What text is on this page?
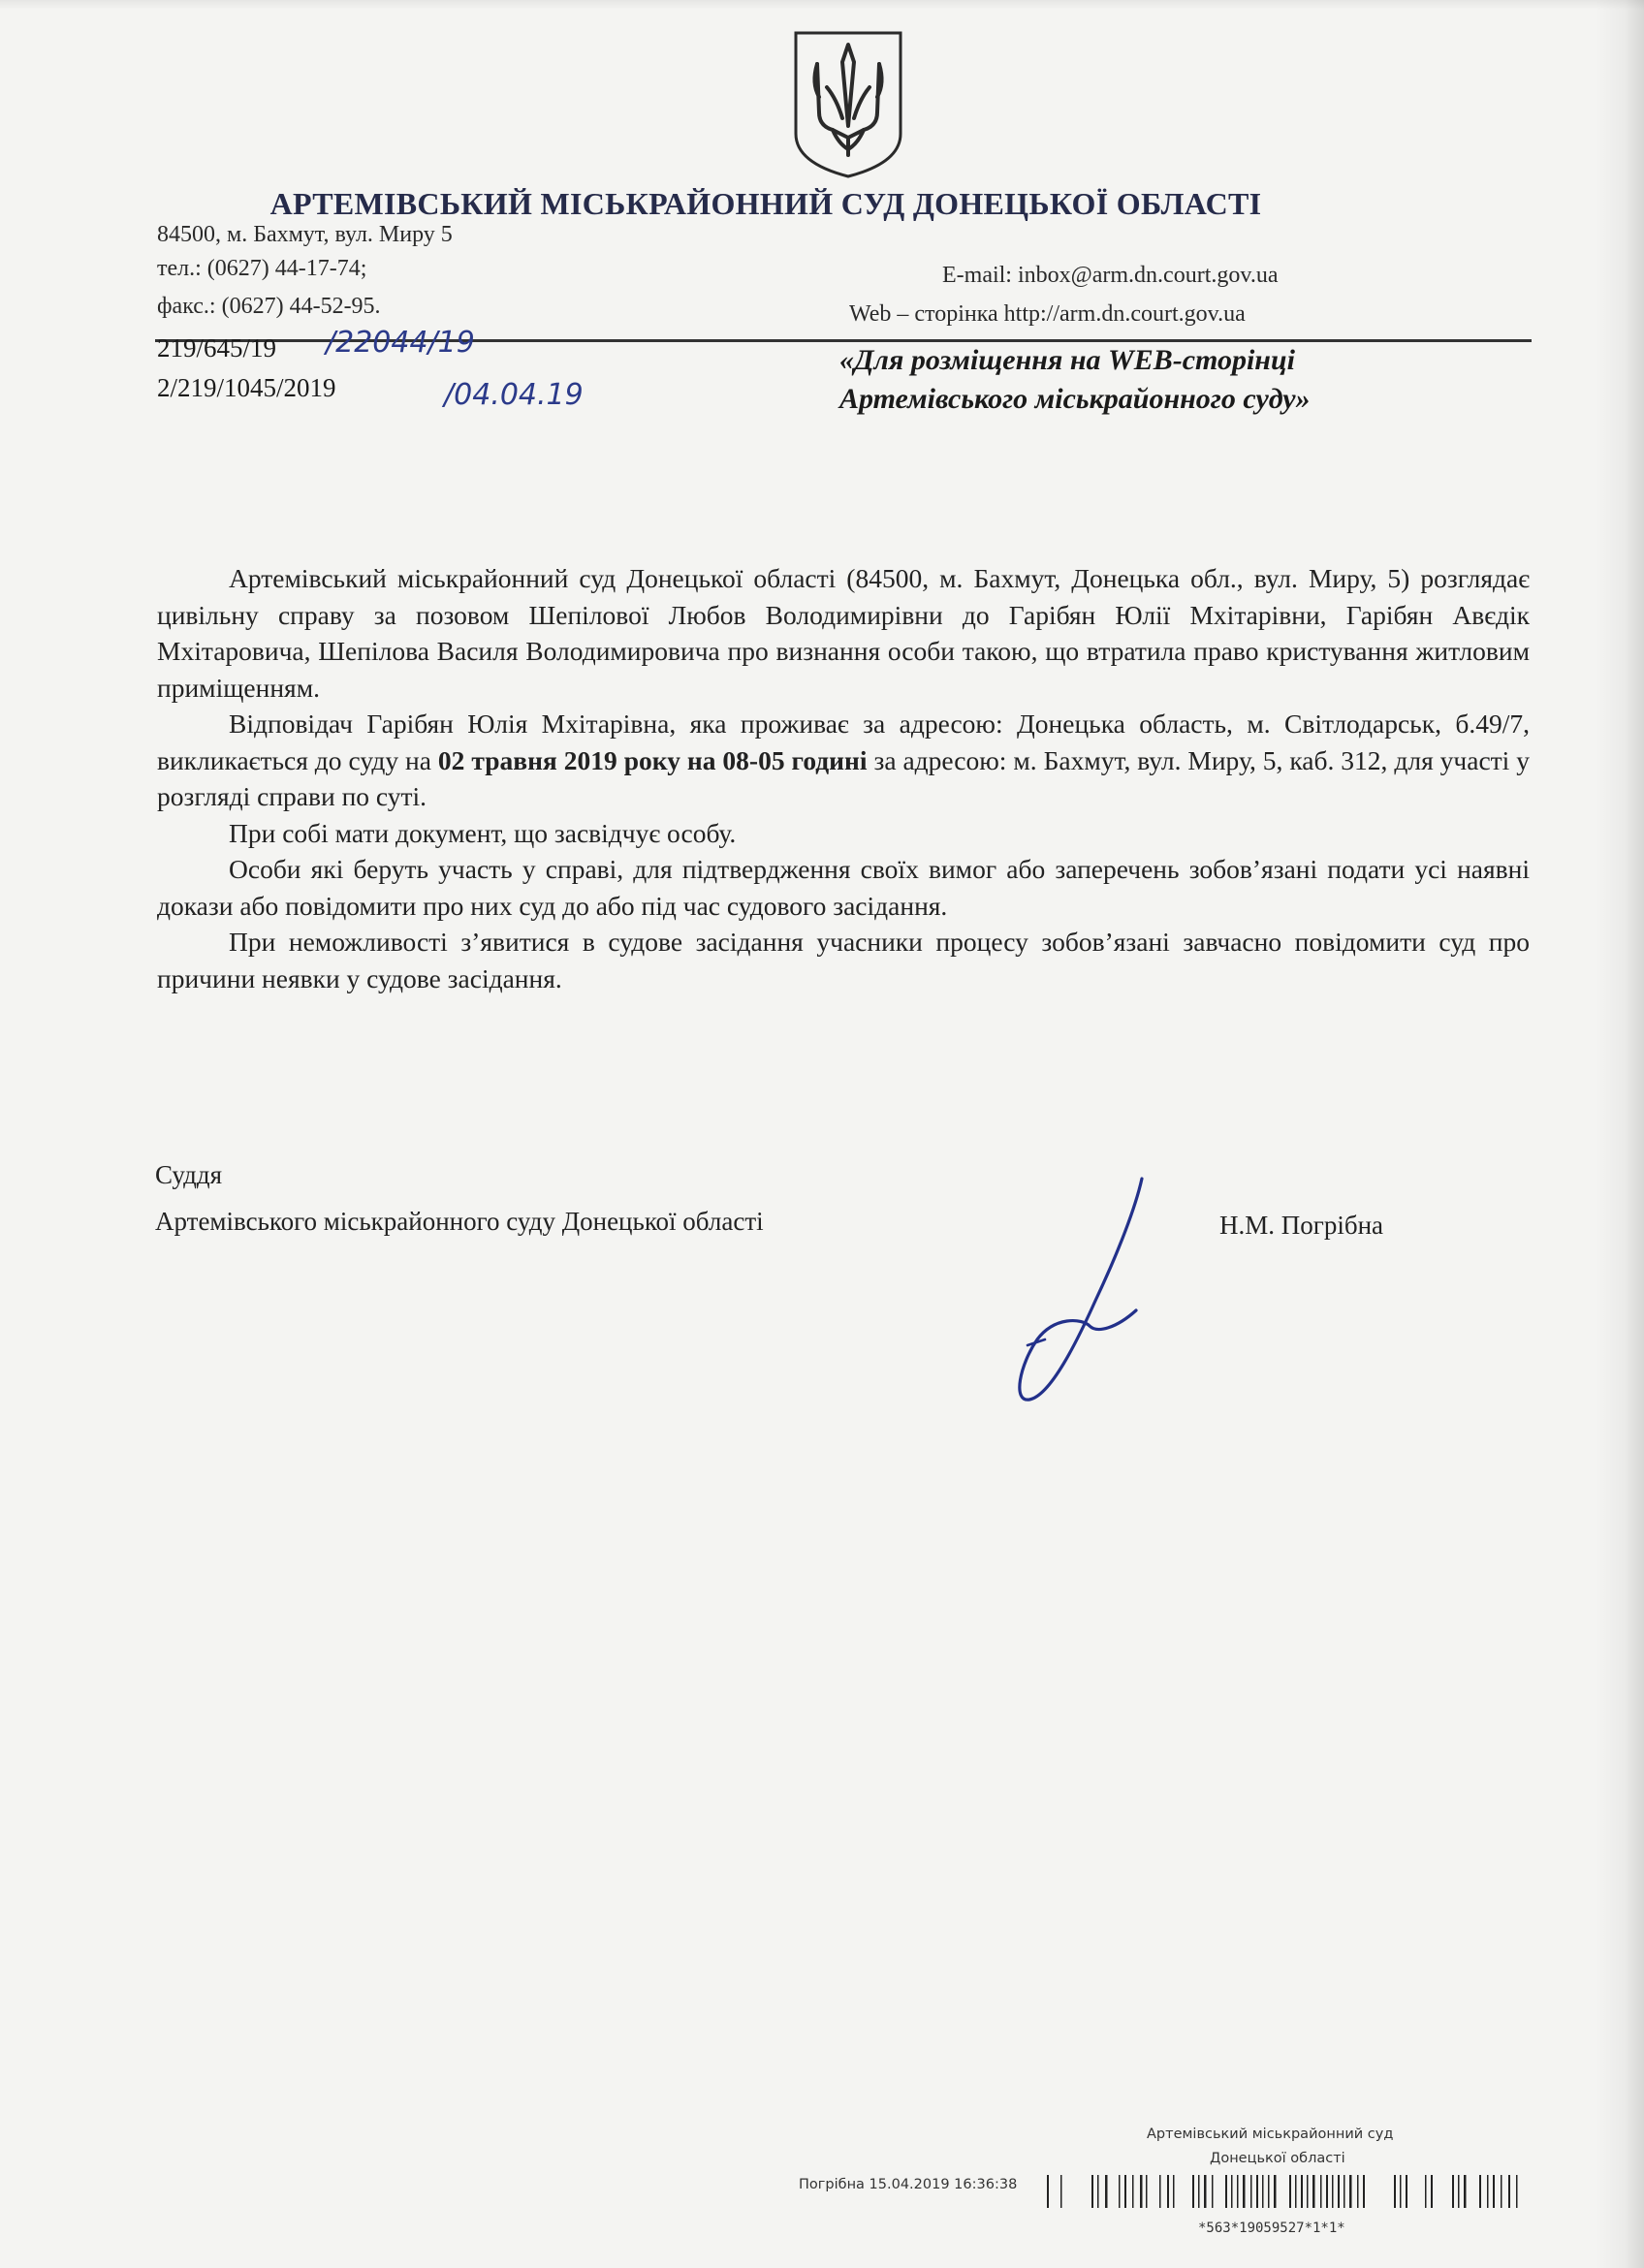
АРТЕМІВСЬКИЙ МІСЬКРАЙОННИЙ СУД ДОНЕЦЬКОЇ ОБЛАСТІ
84500, м. Бахмут, вул. Миру 5
тел.: (0627) 44-17-74;
факс.: (0627) 44-52-95.
E-mail: inbox@arm.dn.court.gov.ua
Web – сторінка http://arm.dn.court.gov.ua
219/645/19
2/219/1045/2019
/22044/19
/04.04.19
«Для розміщення на WEB-сторінці
Артемівського міськрайонного суду»

Артемівський міськрайонний суд Донецької області (84500, м. Бахмут, Донецька обл., вул. Миру, 5) розглядає цивільну справу за позовом Шепілової Любов Володимирівни до Гарібян Юлії Мхітарівни, Гарібян Авєдік Мхітаровича, Шепілова Василя Володимировича про визнання особи такою, що втратила право кристування житловим приміщенням.

Відповідач Гарібян Юлія Мхітарівна, яка проживає за адресою: Донецька область, м. Світлодарськ, б.49/7, викликається до суду на 02 травня 2019 року на 08-05 годині за адресою: м. Бахмут, вул. Миру, 5, каб. 312, для участі у розгляді справи по суті.

При собі мати документ, що засвідчує особу.

Особи які беруть участь у справі, для підтвердження своїх вимог або заперечень зобов’язані подати усі наявні докази або повідомити про них суд до або під час судового засідання.

При неможливості з’явитися в судове засідання учасники процесу зобов’язані завчасно повідомити суд про причини неявки у судове засідання.

Суддя
Артемівського міськрайонного суду Донецької області	Н.М. Погрібна
Артемівський міськрайонний суд
Донецької області
Погрібна 15.04.2019 16:36:38
*563*19059527*1*1*
